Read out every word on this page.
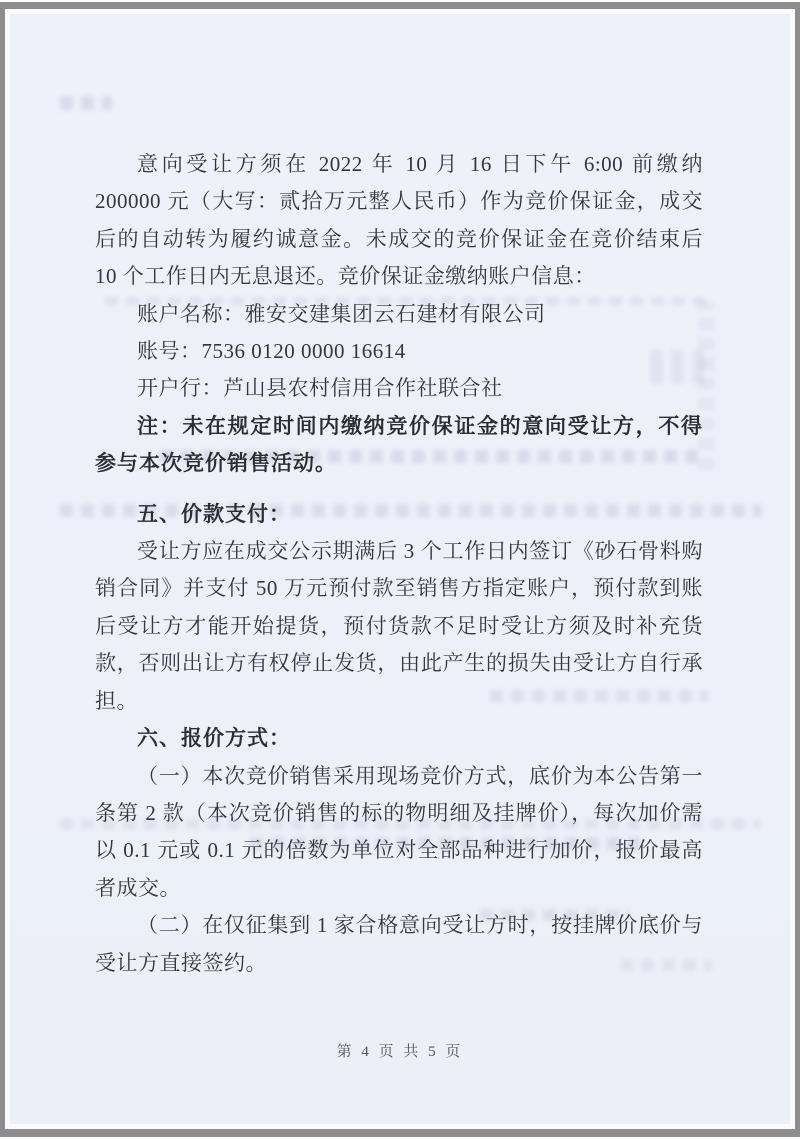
意向受让方须在 2022 年 10 月 16 日下午 6:00 前缴纳 200000 元（大写：贰拾万元整人民币）作为竞价保证金，成交后的自动转为履约诚意金。未成交的竞价保证金在竞价结束后 10 个工作日内无息退还。竞价保证金缴纳账户信息：

账户名称：雅安交建集团云石建材有限公司

账号：7536 0120 0000 16614

开户行：芦山县农村信用合作社联合社

注：未在规定时间内缴纳竞价保证金的意向受让方，不得参与本次竞价销售活动。

五、价款支付：

受让方应在成交公示期满后 3 个工作日内签订《砂石骨料购销合同》并支付 50 万元预付款至销售方指定账户，预付款到账后受让方才能开始提货，预付货款不足时受让方须及时补充货款，否则出让方有权停止发货，由此产生的损失由受让方自行承担。

六、报价方式：

（一）本次竞价销售采用现场竞价方式，底价为本公告第一条第 2 款（本次竞价销售的标的物明细及挂牌价），每次加价需以 0.1 元或 0.1 元的倍数为单位对全部品种进行加价，报价最高者成交。

（二）在仅征集到 1 家合格意向受让方时，按挂牌价底价与受让方直接签约。

第 4 页 共 5 页
